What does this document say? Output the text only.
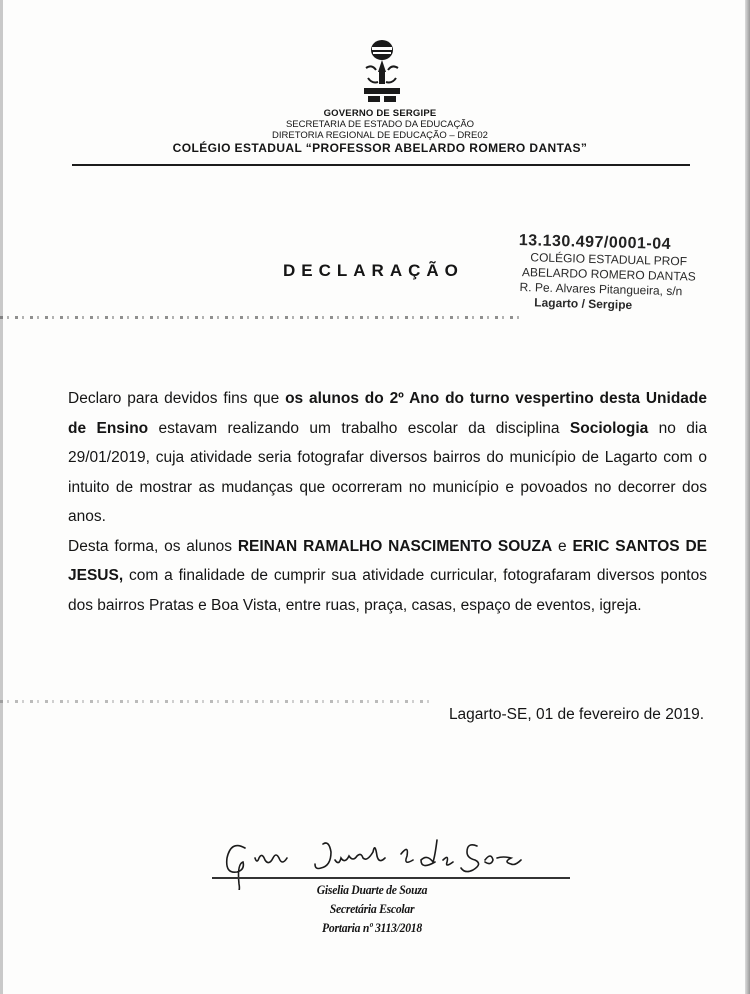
GOVERNO DE SERGIPE
SECRETARIA DE ESTADO DA EDUCAÇÃO
DIRETORIA REGIONAL DE EDUCAÇÃO – DRE02
COLÉGIO ESTADUAL “PROFESSOR ABELARDO ROMERO DANTAS”
DECLARAÇÃO
13.130.497/0001-04
COLÉGIO ESTADUAL PROF
ABELARDO ROMERO DANTAS
R. Pe. Alvares Pitangueira, s/n
Lagarto / Sergipe

Declaro para devidos fins que os alunos do 2º Ano do turno vespertino desta Unidade de Ensino estavam realizando um trabalho escolar da disciplina Sociologia no dia 29/01/2019, cuja atividade seria fotografar diversos bairros do município de Lagarto com o intuito de mostrar as mudanças que ocorreram no município e povoados no decorrer dos anos.

Desta forma, os alunos REINAN RAMALHO NASCIMENTO SOUZA e ERIC SANTOS DE JESUS, com a finalidade de cumprir sua atividade curricular, fotografaram diversos pontos dos bairros Pratas e Boa Vista, entre ruas, praça, casas, espaço de eventos, igreja.

Lagarto-SE, 01 de fevereiro de 2019.
Giselia Duarte de Souza
Secretária Escolar
Portaria nº 3113/2018
